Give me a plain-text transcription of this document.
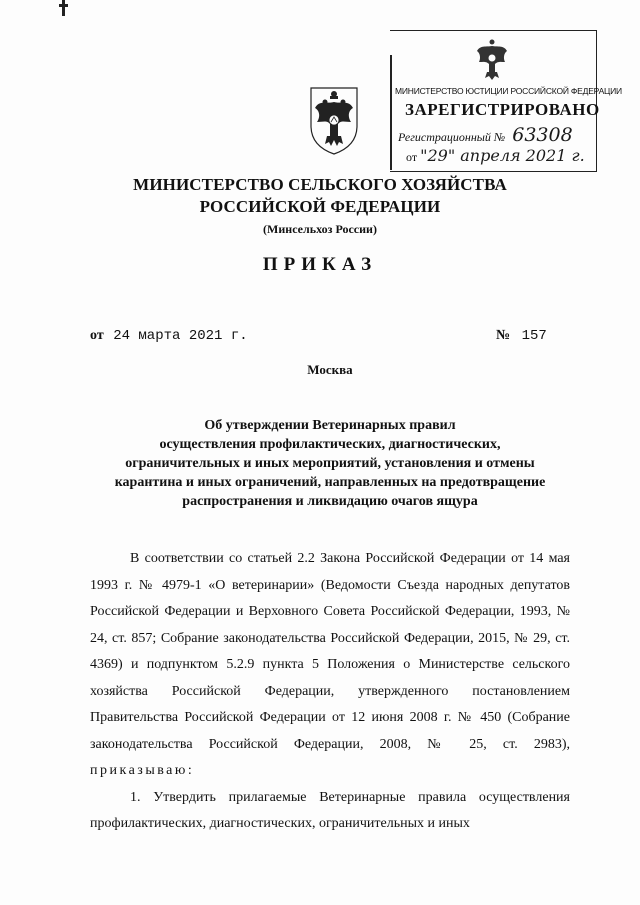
МИНИСТЕРСТВО ЮСТИЦИИ РОССИЙСКОЙ ФЕДЕРАЦИИ
ЗАРЕГИСТРИРОВАНО
Регистрационный № 63308
от "29" апреля 2021 г.
МИНИСТЕРСТВО СЕЛЬСКОГО ХОЗЯЙСТВА
РОССИЙСКОЙ ФЕДЕРАЦИИ
(Минсельхоз России)
ПРИКАЗ
от 24 марта 2021 г.	№ 157
Москва
Об утверждении Ветеринарных правил
осуществления профилактических, диагностических,
ограничительных и иных мероприятий, установления и отмены
карантина и иных ограничений, направленных на предотвращение
распространения и ликвидацию очагов ящура

В соответствии со статьей 2.2 Закона Российской Федерации от 14 мая 1993 г. № 4979-1 «О ветеринарии» (Ведомости Съезда народных депутатов Российской Федерации и Верховного Совета Российской Федерации, 1993, № 24, ст. 857; Собрание законодательства Российской Федерации, 2015, № 29, ст. 4369) и подпунктом 5.2.9 пункта 5 Положения о Министерстве сельского хозяйства Российской Федерации, утвержденного постановлением Правительства Российской Федерации от 12 июня 2008 г. № 450 (Собрание законодательства Российской Федерации, 2008, № 25, ст. 2983), приказываю:

1. Утвердить прилагаемые Ветеринарные правила осуществления профилактических, диагностических, ограничительных и иных
